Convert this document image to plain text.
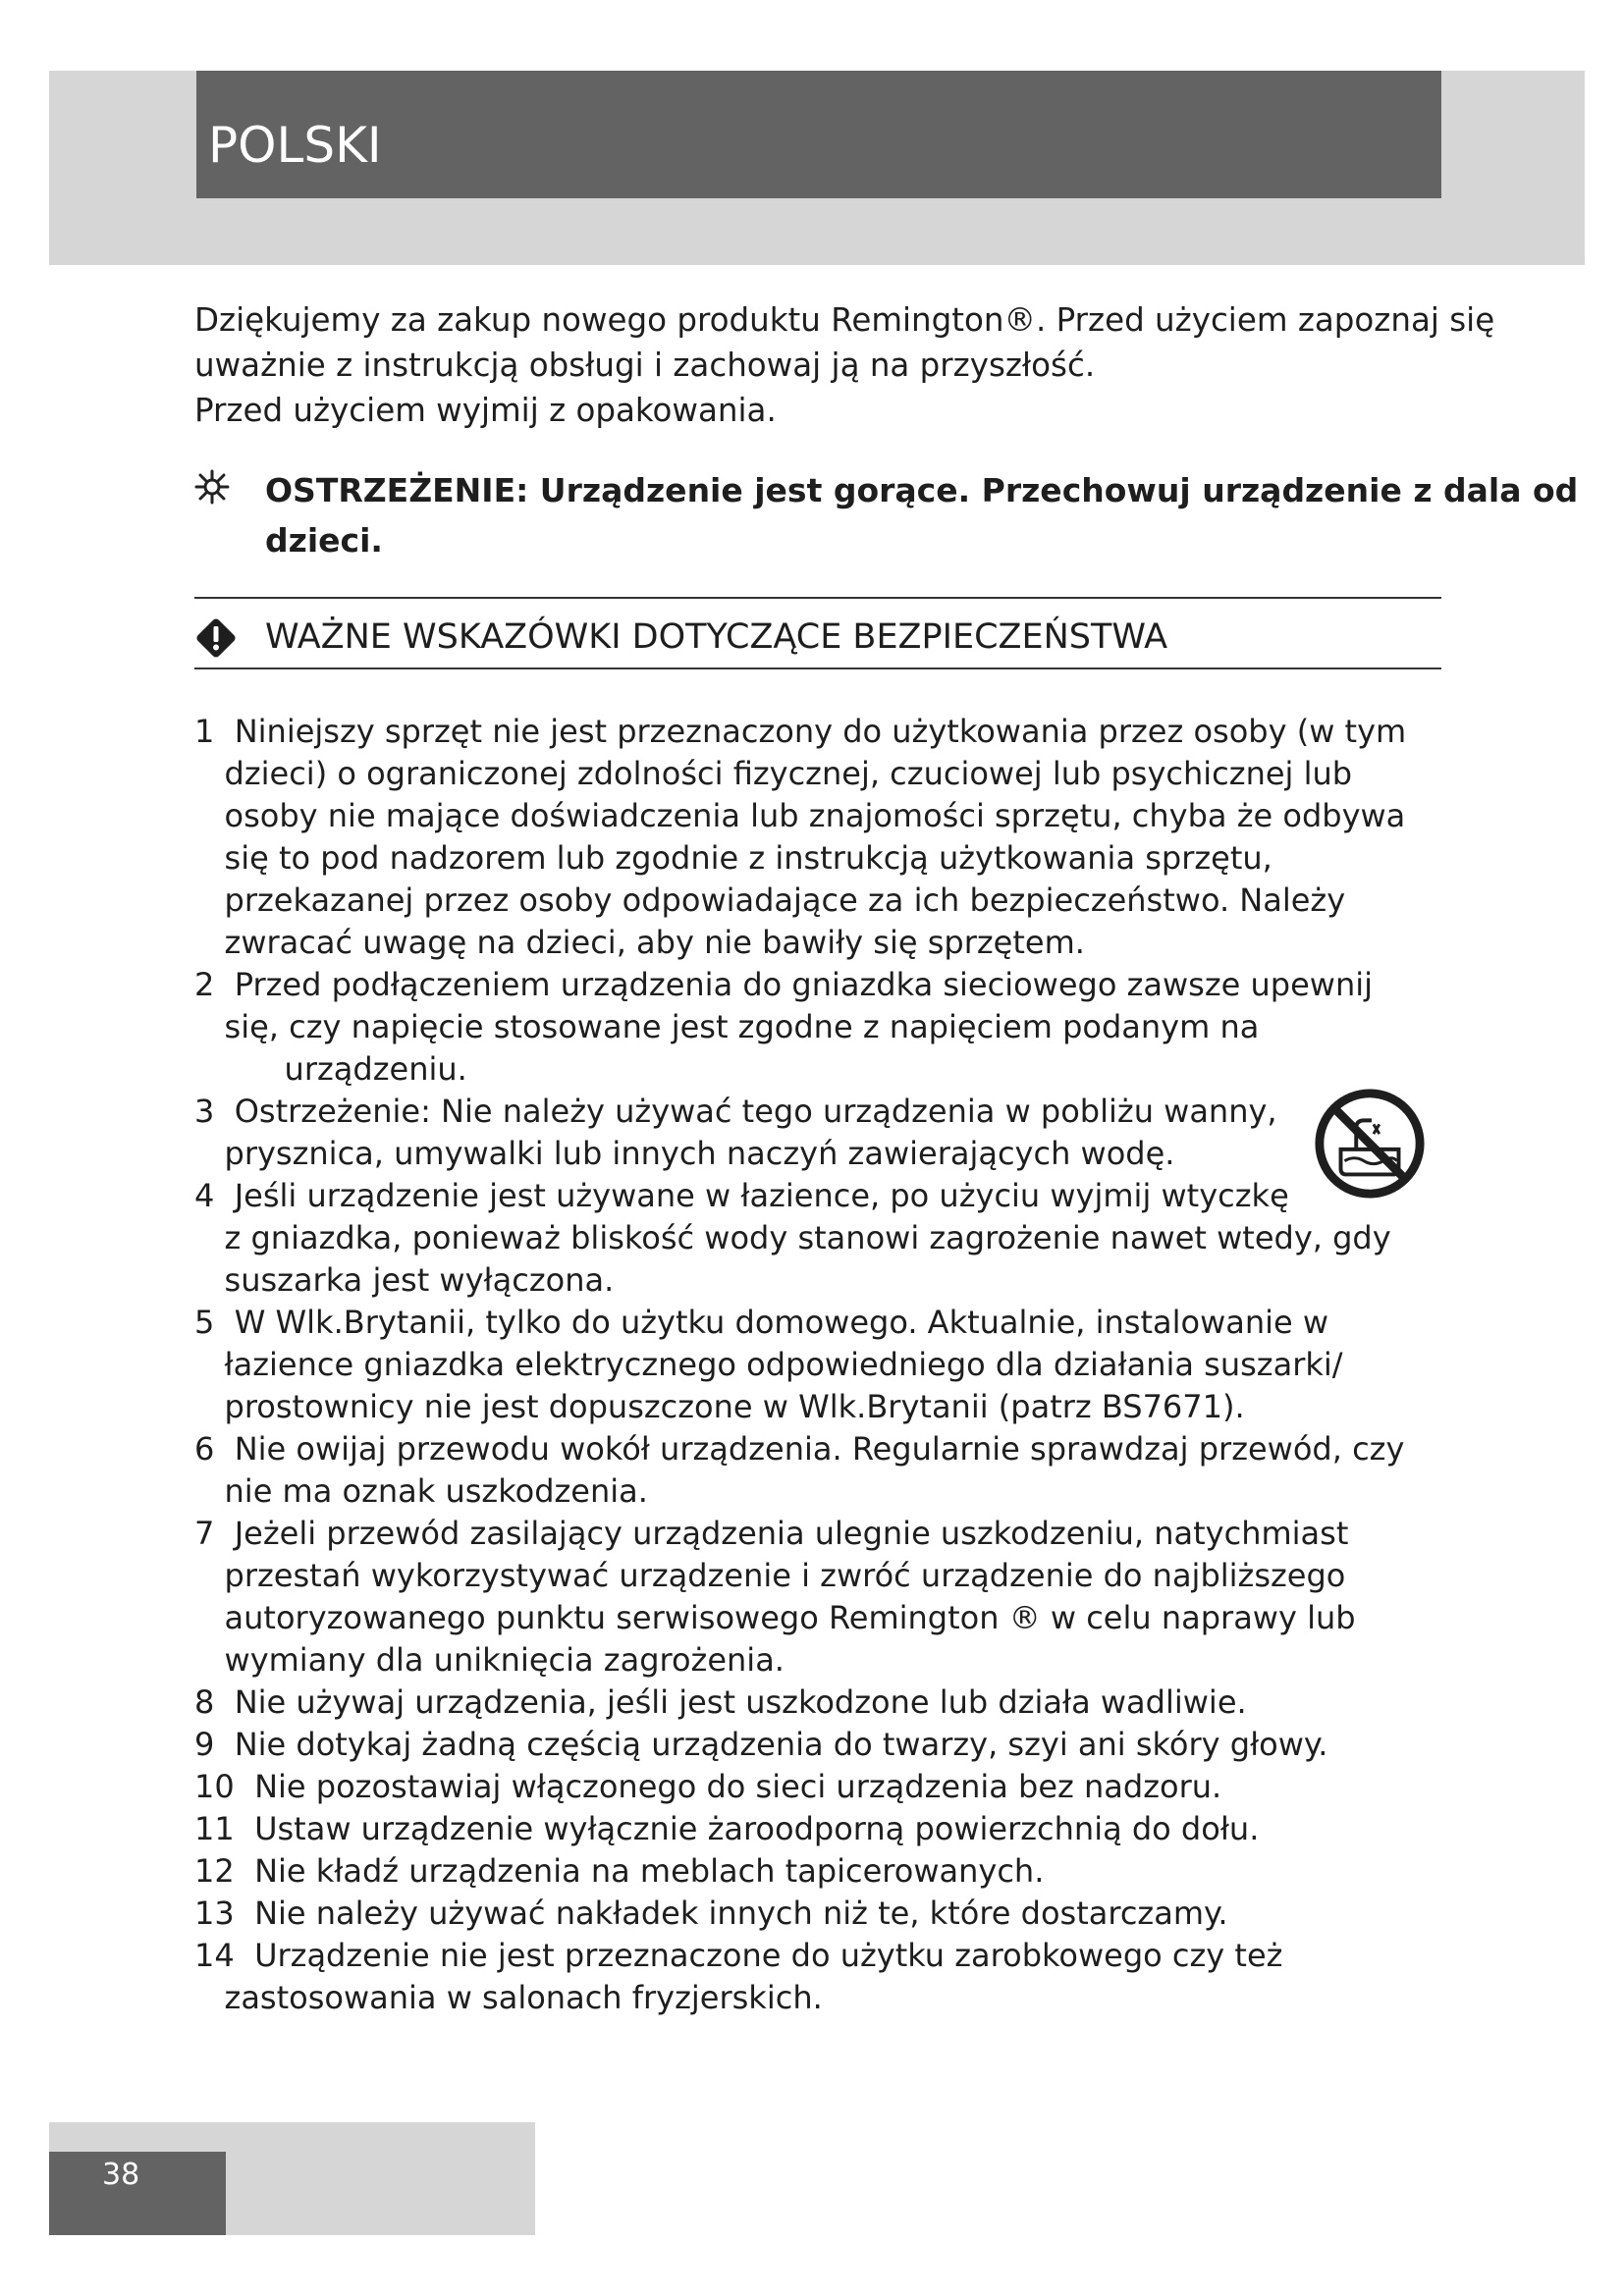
POLSKI

Dziękujemy za zakup nowego produktu Remington®. Przed użyciem zapoznaj się

uważnie z instrukcją obsługi i zachowaj ją na przyszłość.

Przed użyciem wyjmij z opakowania.

OSTRZEŻENIE: Urządzenie jest gorące. Przechowuj urządzenie z dala od
dzieci.
WAŻNE WSKAZÓWKI DOTYCZĄCE BEZPIECZEŃSTWA

1  Niniejszy sprzęt nie jest przeznaczony do użytkowania przez osoby (w tym

dzieci) o ograniczonej zdolności fizycznej, czuciowej lub psychicznej lub

osoby nie mające doświadczenia lub znajomości sprzętu, chyba że odbywa

się to pod nadzorem lub zgodnie z instrukcją użytkowania sprzętu,

przekazanej przez osoby odpowiadające za ich bezpieczeństwo. Należy

zwracać uwagę na dzieci, aby nie bawiły się sprzętem.

2  Przed podłączeniem urządzenia do gniazdka sieciowego zawsze upewnij

się, czy napięcie stosowane jest zgodne z napięciem podanym na

urządzeniu.

3  Ostrzeżenie: Nie należy używać tego urządzenia w pobliżu wanny,

prysznica, umywalki lub innych naczyń zawierających wodę.

4  Jeśli urządzenie jest używane w łazience, po użyciu wyjmij wtyczkę

z gniazdka, ponieważ bliskość wody stanowi zagrożenie nawet wtedy, gdy

suszarka jest wyłączona.

5  W Wlk.Brytanii, tylko do użytku domowego. Aktualnie, instalowanie w

łazience gniazdka elektrycznego odpowiedniego dla działania suszarki/

prostownicy nie jest dopuszczone w Wlk.Brytanii (patrz BS7671).

6  Nie owijaj przewodu wokół urządzenia. Regularnie sprawdzaj przewód, czy

nie ma oznak uszkodzenia.

7  Jeżeli przewód zasilający urządzenia ulegnie uszkodzeniu, natychmiast

przestań wykorzystywać urządzenie i zwróć urządzenie do najbliższego

autoryzowanego punktu serwisowego Remington ® w celu naprawy lub

wymiany dla uniknięcia zagrożenia.

8  Nie używaj urządzenia, jeśli jest uszkodzone lub działa wadliwie.

9  Nie dotykaj żadną częścią urządzenia do twarzy, szyi ani skóry głowy.

10  Nie pozostawiaj włączonego do sieci urządzenia bez nadzoru.

11  Ustaw urządzenie wyłącznie żaroodporną powierzchnią do dołu.

12  Nie kładź urządzenia na meblach tapicerowanych.

13  Nie należy używać nakładek innych niż te, które dostarczamy.

14  Urządzenie nie jest przeznaczone do użytku zarobkowego czy też

zastosowania w salonach fryzjerskich.

38
